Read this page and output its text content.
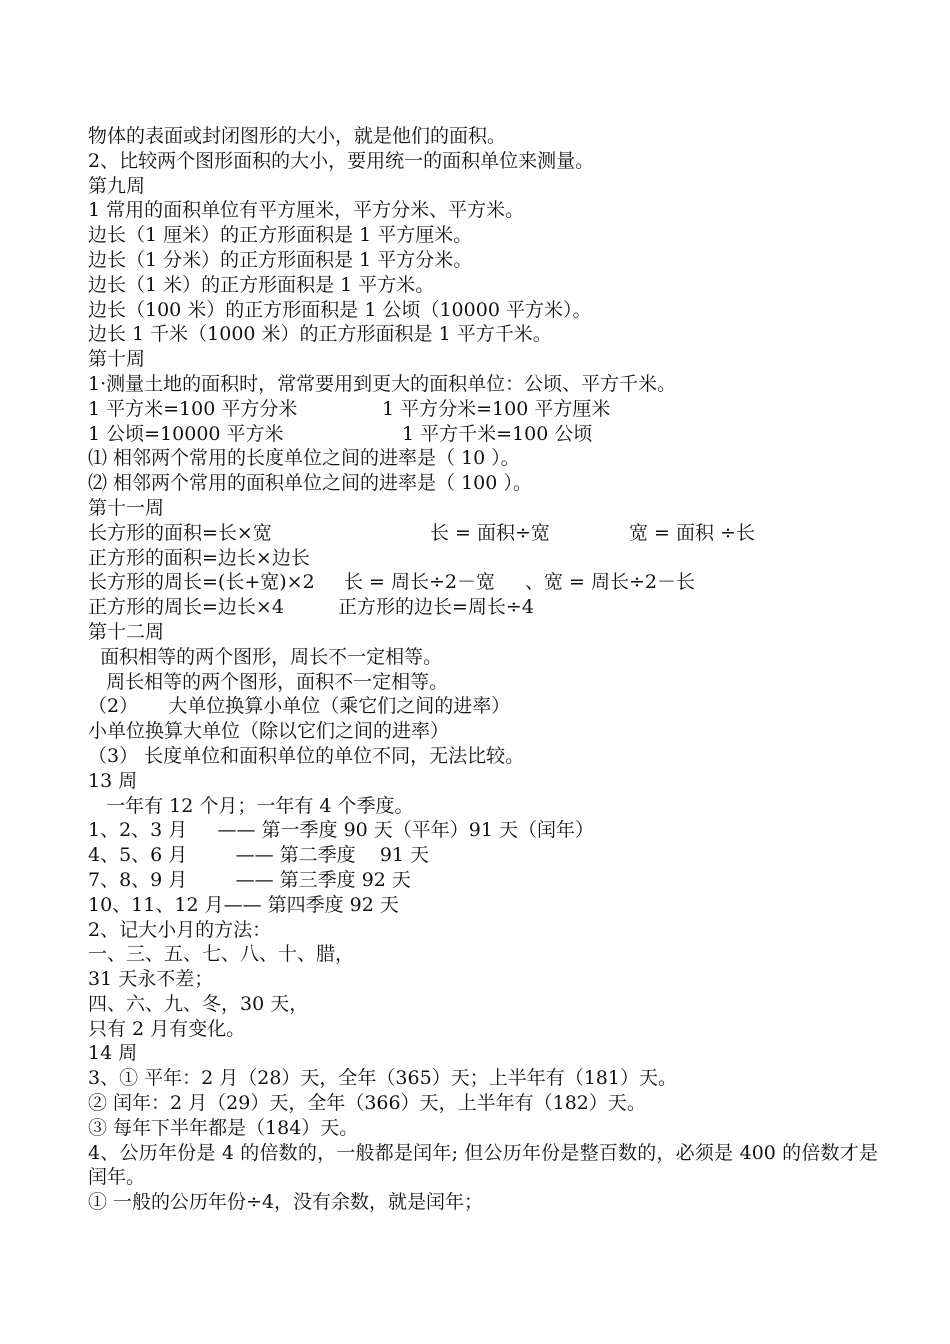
物体的表面或封闭图形的大小，就是他们的面积。
2、比较两个图形面积的大小，要用统一的面积单位来测量。
第九周
1 常用的面积单位有平方厘米，平方分米、平方米。
边长（1 厘米）的正方形面积是 1 平方厘米。
边长（1 分米）的正方形面积是 1 平方分米。
边长（1 米）的正方形面积是 1 平方米。
边长（100 米）的正方形面积是 1 公顷（10000 平方米）。
边长 1 千米（1000 米）的正方形面积是 1 平方千米。
第十周
1·测量土地的面积时，常常要用到更大的面积单位：公顷、平方千米。
1 平方米=100 平方分米	1 平方分米=100 平方厘米
1 公顷=10000 平方米	1 平方千米=100 公顷
⑴ 相邻两个常用的长度单位之间的进率是（ 10 ）。
⑵ 相邻两个常用的面积单位之间的进率是（ 100 ）。
第十一周
长方形的面积=长×宽	长 = 面积÷宽	宽 = 面积 ÷长
正方形的面积=边长×边长
长方形的周长=(长+宽)×2 长 = 周长÷2－宽 、宽 = 周长÷2－长
正方形的周长=边长×4	正方形的边长=周长÷4
第十二周
面积相等的两个图形，周长不一定相等。
周长相等的两个图形，面积不一定相等。
（2）     大单位换算小单位（乘它们之间的进率）
小单位换算大单位（除以它们之间的进率）
（3） 长度单位和面积单位的单位不同，无法比较。
13 周
一年有 12 个月；一年有 4 个季度。
1、2、3 月     —— 第一季度 90 天（平年）91 天（闰年）
4、5、6 月        —— 第二季度    91 天
7、8、9 月        —— 第三季度 92 天
10、11、12 月—— 第四季度 92 天
2、记大小月的方法：
一、三、五、七、八、十、腊，
31 天永不差；
四、六、九、冬，30 天，
只有 2 月有变化。
14 周
3、① 平年：2 月（28）天，全年（365）天；上半年有（181）天。
② 闰年：2 月（29）天，全年（366）天，上半年有（182）天。
③ 每年下半年都是（184）天。
4、公历年份是 4 的倍数的，一般都是闰年; 但公历年份是整百数的，必须是 400 的倍数才是闰年。
① 一般的公历年份÷4，没有余数，就是闰年；
